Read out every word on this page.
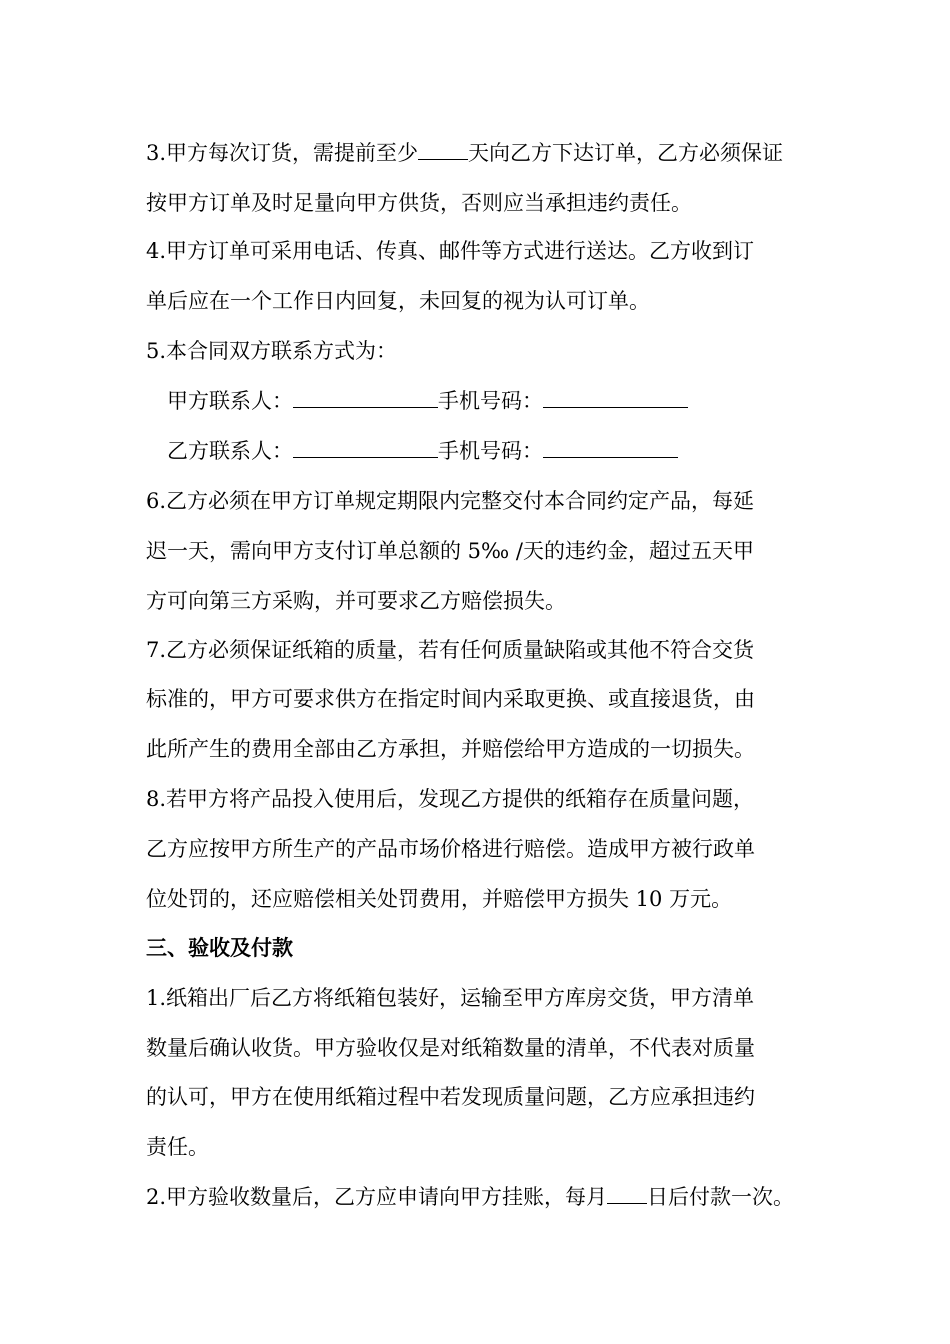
3.甲方每次订货，需提前至少 天向乙方下达订单，乙方必须保证
按甲方订单及时足量向甲方供货，否则应当承担违约责任。
4.甲方订单可采用电话、传真、邮件等方式进行送达。乙方收到订
单后应在一个工作日内回复，未回复的视为认可订单。
5.本合同双方联系方式为：
甲方联系人：	手机号码：
乙方联系人：	手机号码：
6.乙方必须在甲方订单规定期限内完整交付本合同约定产品，每延
迟一天，需向甲方支付订单总额的 5‰ /天的违约金，超过五天甲
方可向第三方采购，并可要求乙方赔偿损失。
7.乙方必须保证纸箱的质量，若有任何质量缺陷或其他不符合交货
标准的，甲方可要求供方在指定时间内采取更换、或直接退货，由
此所产生的费用全部由乙方承担，并赔偿给甲方造成的一切损失。
8.若甲方将产品投入使用后，发现乙方提供的纸箱存在质量问题，
乙方应按甲方所生产的产品市场价格进行赔偿。造成甲方被行政单
位处罚的，还应赔偿相关处罚费用，并赔偿甲方损失 10 万元。
三、验收及付款
1.纸箱出厂后乙方将纸箱包装好，运输至甲方库房交货，甲方清单
数量后确认收货。甲方验收仅是对纸箱数量的清单，不代表对质量
的认可，甲方在使用纸箱过程中若发现质量问题，乙方应承担违约
责任。
2.甲方验收数量后，乙方应申请向甲方挂账，每月 日后付款一次。
